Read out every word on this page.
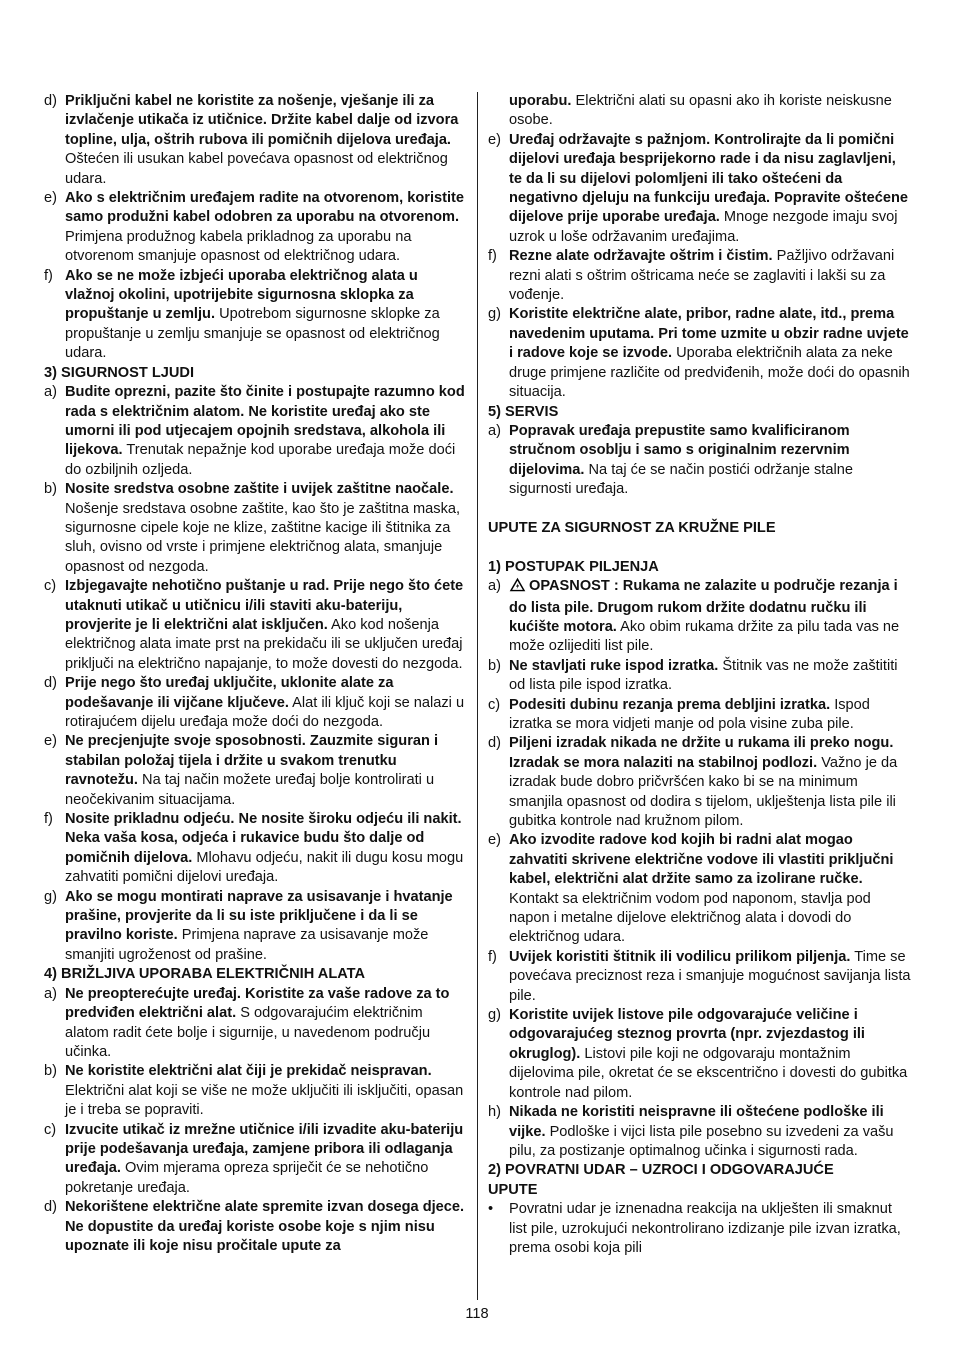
d) Priključni kabel ne koristite za nošenje, vješanje ili za izvlačenje utikača iz utičnice. Držite kabel dalje od izvora topline, ulja, oštrih rubova ili pomičnih dijelova uređaja. Oštećen ili usukan kabel povećava opasnost od električnog udara.
e) Ako s električnim uređajem radite na otvorenom, koristite samo produžni kabel odobren za uporabu na otvorenom. Primjena produžnog kabela prikladnog za uporabu na otvorenom smanjuje opasnost od električnog udara.
f) Ako se ne može izbjeći uporaba električnog alata u vlažnoj okolini, upotrijebite sigurnosna sklopka za propuštanje u zemlju. Upotrebom sigurnosne sklopke za propuštanje u zemlju smanjuje se opasnost od električnog udara.
3) SIGURNOST LJUDI
a) Budite oprezni, pazite što činite i postupajte razumno kod rada s električnim alatom. Ne koristite uređaj ako ste umorni ili pod utjecajem opojnih sredstava, alkohola ili lijekova. Trenutak nepažnje kod uporabe uređaja može doći do ozbiljnih ozljeda.
b) Nosite sredstva osobne zaštite i uvijek zaštitne naočale. Nošenje sredstava osobne zaštite, kao što je zaštitna maska, sigurnosne cipele koje ne klize, zaštitne kacige ili štitnika za sluh, ovisno od vrste i primjene električnog alata, smanjuje opasnost od nezgoda.
c) Izbjegavajte nehotično puštanje u rad. Prije nego što ćete utaknuti utikač u utičnicu i/ili staviti aku-bateriju, provjerite je li električni alat isključen. Ako kod nošenja električnog alata imate prst na prekidaču ili se uključen uređaj priključi na električno napajanje, to može dovesti do nezgoda.
d) Prije nego što uređaj uključite, uklonite alate za podešavanje ili vijčane ključeve. Alat ili ključ koji se nalazi u rotirajućem dijelu uređaja može doći do nezgoda.
e) Ne precjenjujte svoje sposobnosti. Zauzmite siguran i stabilan položaj tijela i držite u svakom trenutku ravnotežu. Na taj način možete uređaj bolje kontrolirati u neočekivanim situacijama.
f) Nosite prikladnu odjeću. Ne nosite široku odjeću ili nakit. Neka vaša kosa, odjeća i rukavice budu što dalje od pomičnih dijelova. Mlohavu odjeću, nakit ili dugu kosu mogu zahvatiti pomični dijelovi uređaja.
g) Ako se mogu montirati naprave za usisavanje i hvatanje prašine, provjerite da li su iste priključene i da li se pravilno koriste. Primjena naprave za usisavanje može smanjiti ugroženost od prašine.
4) BRIŽLJIVA UPORABA ELEKTRIČNIH ALATA
a) Ne preopterećujte uređaj. Koristite za vaše radove za to predviđen električni alat. S odgovarajućim električnim alatom radit ćete bolje i sigurnije, u navedenom području učinka.
b) Ne koristite električni alat čiji je prekidač neispravan. Električni alat koji se više ne može uključiti ili isključiti, opasan je i treba se popraviti.
c) Izvucite utikač iz mrežne utičnice i/ili izvadite aku-bateriju prije podešavanja uređaja, zamjene pribora ili odlaganja uređaja. Ovim mjerama opreza spriječit će se nehotično pokretanje uređaja.
d) Nekorištene električne alate spremite izvan dosega djece. Ne dopustite da uređaj koriste osobe koje s njim nisu upoznate ili koje nisu pročitale upute za
uporabu. Električni alati su opasni ako ih koriste neiskusne osobe.
e) Uređaj održavajte s pažnjom. Kontrolirajte da li pomični dijelovi uređaja besprijekorno rade i da nisu zaglavljeni, te da li su dijelovi polomljeni ili tako oštećeni da negativno djeluju na funkciju uređaja. Popravite oštećene dijelove prije uporabe uređaja. Mnoge nezgode imaju svoj uzrok u loše održavanim uređajima.
f) Rezne alate održavajte oštrim i čistim. Pažljivo održavani rezni alati s oštrim oštricama neće se zaglaviti i lakši su za vođenje.
g) Koristite električne alate, pribor, radne alate, itd., prema navedenim uputama. Pri tome uzmite u obzir radne uvjete i radove koje se izvode. Uporaba električnih alata za neke druge primjene različite od predviđenih, može doći do opasnih situacija.
5) SERVIS
a) Popravak uređaja prepustite samo kvalificiranom stručnom osoblju i samo s originalnim rezervnim dijelovima. Na taj će se način postići održanje stalne sigurnosti uređaja.
UPUTE ZA SIGURNOST ZA KRUŽNE PILE
1) POSTUPAK PILJENJA
a) OPASNOST : Rukama ne zalazite u područje rezanja i do lista pile. Drugom rukom držite dodatnu ručku ili kućište motora. Ako obim rukama držite za pilu tada vas ne može ozlijediti list pile.
b) Ne stavljati ruke ispod izratka. Štitnik vas ne može zaštititi od lista pile ispod izratka.
c) Podesiti dubinu rezanja prema debljini izratka. Ispod izratka se mora vidjeti manje od pola visine zuba pile.
d) Piljeni izradak nikada ne držite u rukama ili preko nogu. Izradak se mora nalaziti na stabilnoj podlozi. Važno je da izradak bude dobro pričvršćen kako bi se na minimum smanjila opasnost od dodira s tijelom, uklještenja lista pile ili gubitka kontrole nad kružnom pilom.
e) Ako izvodite radove kod kojih bi radni alat mogao zahvatiti skrivene električne vodove ili vlastiti priključni kabel, električni alat držite samo za izolirane ručke. Kontakt sa električnim vodom pod naponom, stavlja pod napon i metalne dijelove električnog alata i dovodi do električnog udara.
f) Uvijek koristiti štitnik ili vodilicu prilikom piljenja. Time se povećava preciznost reza i smanjuje mogućnost savijanja lista pile.
g) Koristite uvijek listove pile odgovarajuće veličine i odgovarajućeg steznog provrta (npr. zvjezdastog ili okruglog). Listovi pile koji ne odgovaraju montažnim dijelovima pile, okretat će se ekscentrično i dovesti do gubitka kontrole nad pilom.
h) Nikada ne koristiti neispravne ili oštećene podloške ili vijke. Podloške i vijci lista pile posebno su izvedeni za vašu pilu, za postizanje optimalnog učinka i sigurnosti rada.
2) POVRATNI UDAR – UZROCI I ODGOVARAJUĆE UPUTE
• Povratni udar je iznenadna reakcija na uklješten ili smaknut list pile, uzrokujući nekontrolirano izdizanje pile izvan izratka, prema osobi koja pili
118
